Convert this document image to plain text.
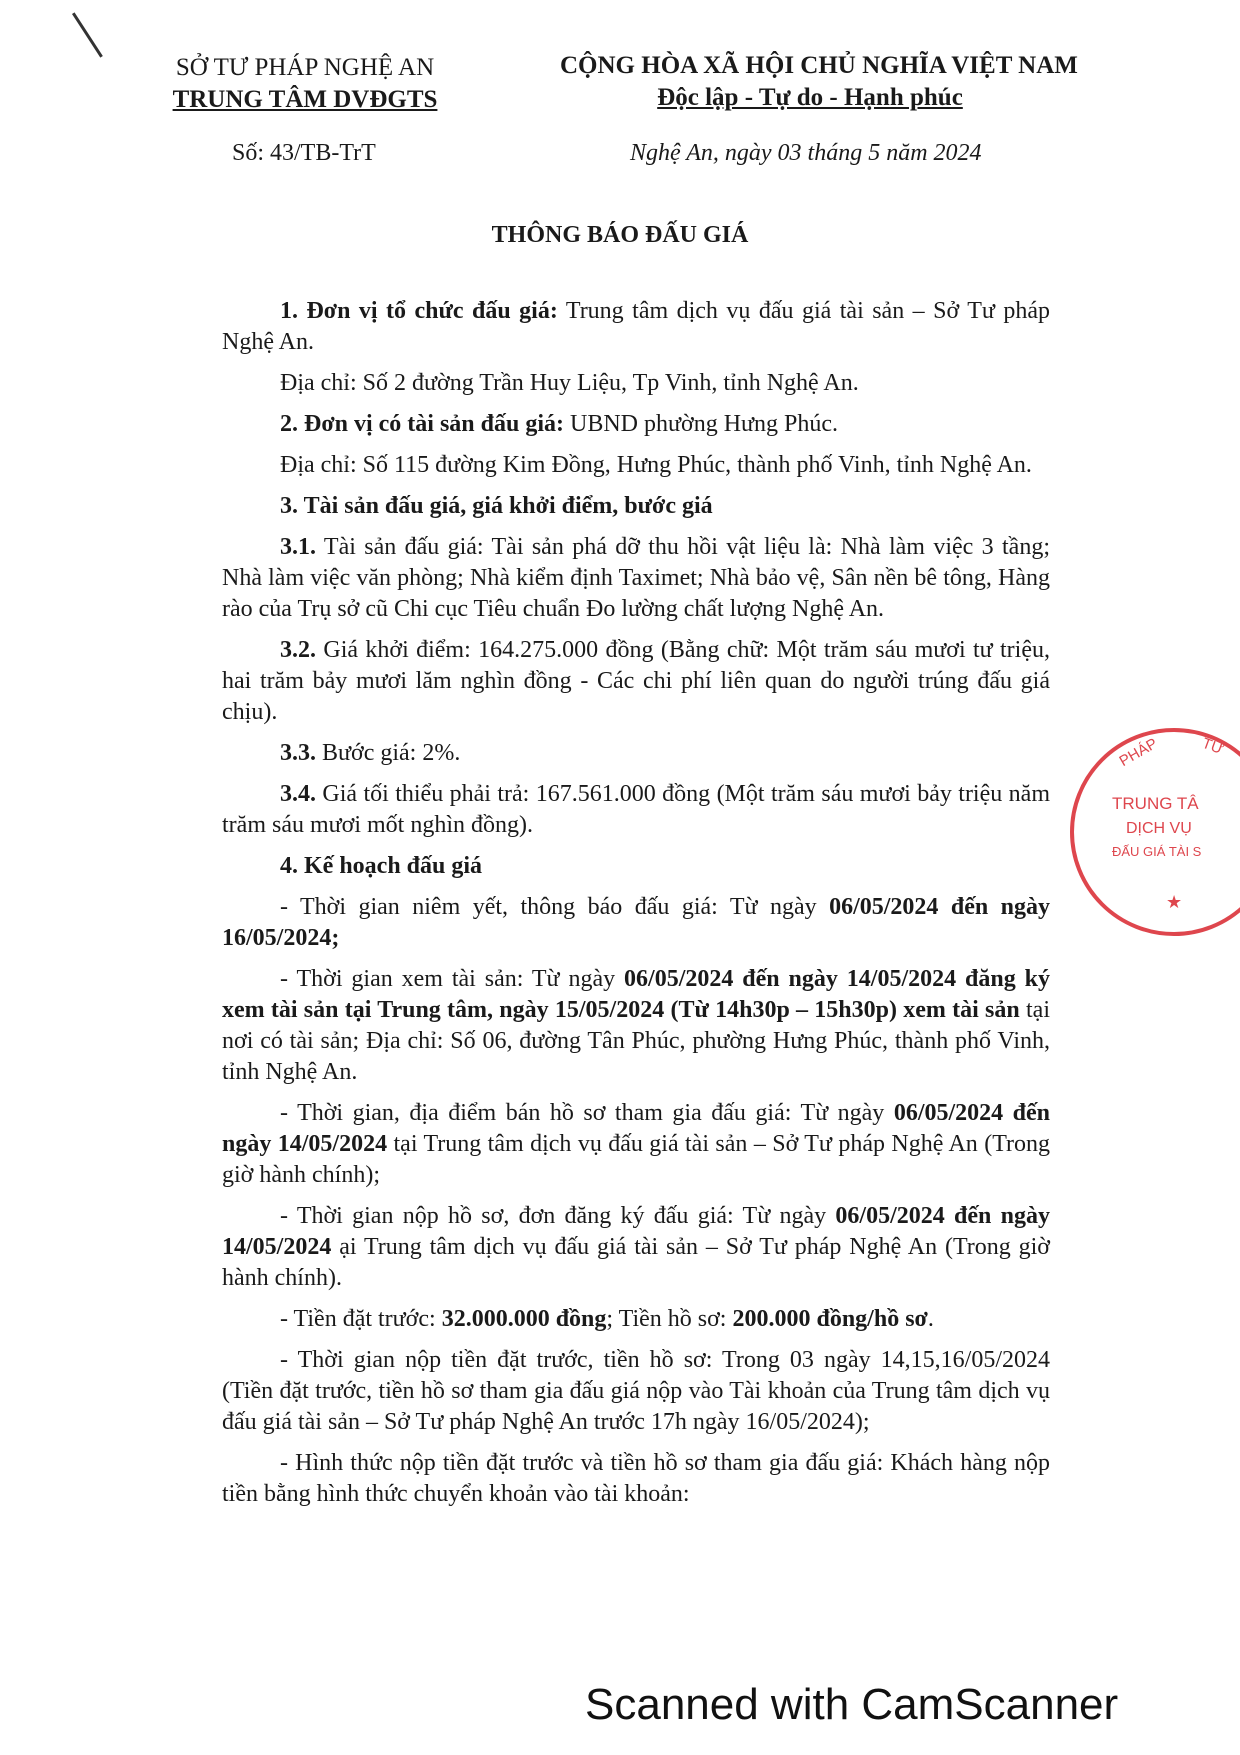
SỞ TƯ PHÁP NGHỆ AN
TRUNG TÂM DVĐGTS
CỘNG HÒA XÃ HỘI CHỦ NGHĨA VIỆT NAM
Độc lập - Tự do - Hạnh phúc
Số: 43/TB-TrT	Nghệ An, ngày 03 tháng 5 năm 2024
THÔNG BÁO ĐẤU GIÁ

1. Đơn vị tổ chức đấu giá: Trung tâm dịch vụ đấu giá tài sản – Sở Tư pháp Nghệ An.

Địa chỉ: Số 2 đường Trần Huy Liệu, Tp Vinh, tỉnh Nghệ An.

2. Đơn vị có tài sản đấu giá: UBND phường Hưng Phúc.

Địa chỉ: Số 115 đường Kim Đồng, Hưng Phúc, thành phố Vinh, tỉnh Nghệ An.

3. Tài sản đấu giá, giá khởi điểm, bước giá

3.1. Tài sản đấu giá: Tài sản phá dỡ thu hồi vật liệu là: Nhà làm việc 3 tầng; Nhà làm việc văn phòng; Nhà kiểm định Taximet; Nhà bảo vệ, Sân nền bê tông, Hàng rào của Trụ sở cũ Chi cục Tiêu chuẩn Đo lường chất lượng Nghệ An.

3.2. Giá khởi điểm: 164.275.000 đồng (Bằng chữ: Một trăm sáu mươi tư triệu, hai trăm bảy mươi lăm nghìn đồng - Các chi phí liên quan do người trúng đấu giá chịu).

3.3. Bước giá: 2%.

3.4. Giá tối thiểu phải trả: 167.561.000 đồng (Một trăm sáu mươi bảy triệu năm trăm sáu mươi mốt nghìn đồng).

4. Kế hoạch đấu giá

- Thời gian niêm yết, thông báo đấu giá: Từ ngày 06/05/2024 đến ngày 16/05/2024;

- Thời gian xem tài sản: Từ ngày 06/05/2024 đến ngày 14/05/2024 đăng ký xem tài sản tại Trung tâm, ngày 15/05/2024 (Từ 14h30p – 15h30p) xem tài sản tại nơi có tài sản; Địa chỉ: Số 06, đường Tân Phúc, phường Hưng Phúc, thành phố Vinh, tỉnh Nghệ An.

- Thời gian, địa điểm bán hồ sơ tham gia đấu giá: Từ ngày 06/05/2024 đến ngày 14/05/2024 tại Trung tâm dịch vụ đấu giá tài sản – Sở Tư pháp Nghệ An (Trong giờ hành chính);

- Thời gian nộp hồ sơ, đơn đăng ký đấu giá: Từ ngày 06/05/2024 đến ngày 14/05/2024 ại Trung tâm dịch vụ đấu giá tài sản – Sở Tư pháp Nghệ An (Trong giờ hành chính).

- Tiền đặt trước: 32.000.000 đồng; Tiền hồ sơ: 200.000 đồng/hồ sơ.

- Thời gian nộp tiền đặt trước, tiền hồ sơ: Trong 03 ngày 14,15,16/05/2024 (Tiền đặt trước, tiền hồ sơ tham gia đấu giá nộp vào Tài khoản của Trung tâm dịch vụ đấu giá tài sản – Sở Tư pháp Nghệ An trước 17h ngày 16/05/2024);

- Hình thức nộp tiền đặt trước và tiền hồ sơ tham gia đấu giá: Khách hàng nộp tiền bằng hình thức chuyển khoản vào tài khoản:

PHÁP	TƯ
TRUNG TÂ
DỊCH VỤ
ĐẤU GIÁ TÀI S
★
Scanned with CamScanner
